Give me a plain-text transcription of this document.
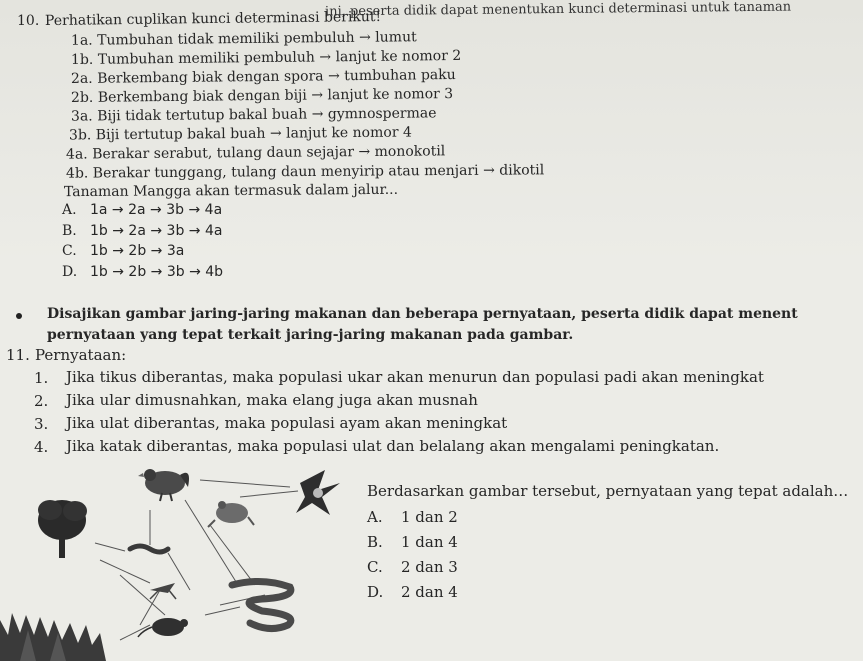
ini, peserta didik dapat menentukan kunci determinasi untuk tanaman
10. Perhatikan cuplikan kunci determinasi berikut!
1a. Tumbuhan tidak memiliki pembuluh → lumut
1b. Tumbuhan memiliki pembuluh → lanjut ke nomor 2
2a. Berkembang biak dengan spora → tumbuhan paku
2b. Berkembang biak dengan biji → lanjut ke nomor 3
3a. Biji tidak tertutup bakal buah → gymnospermae
3b. Biji tertutup bakal buah → lanjut ke nomor 4
4a. Berakar serabut, tulang daun sejajar → monokotil
4b. Berakar tunggang, tulang daun menyirip atau menjari → dikotil
Tanaman Mangga akan termasuk dalam jalur...
A. 1a → 2a → 3b → 4a
B. 1b → 2a → 3b → 4a
C. 1b → 2b → 3a
D. 1b → 2b → 3b → 4b
Disajikan gambar jaring-jaring makanan dan beberapa pernyataan, peserta didik dapat menent
pernyataan yang tepat terkait jaring-jaring makanan pada gambar.
11. Pernyataan:
1. Jika tikus diberantas, maka populasi ukar akan menurun dan populasi padi akan meningkat
2. Jika ular dimusnahkan, maka elang juga akan musnah
3. Jika ulat diberantas, maka populasi ayam akan meningkat
4. Jika katak diberantas, maka populasi ulat dan belalang akan mengalami peningkatan.
Berdasarkan gambar tersebut, pernyataan yang tepat adalah…
A. 1 dan 2
B. 1 dan 4
C. 2 dan 3
D. 2 dan 4
